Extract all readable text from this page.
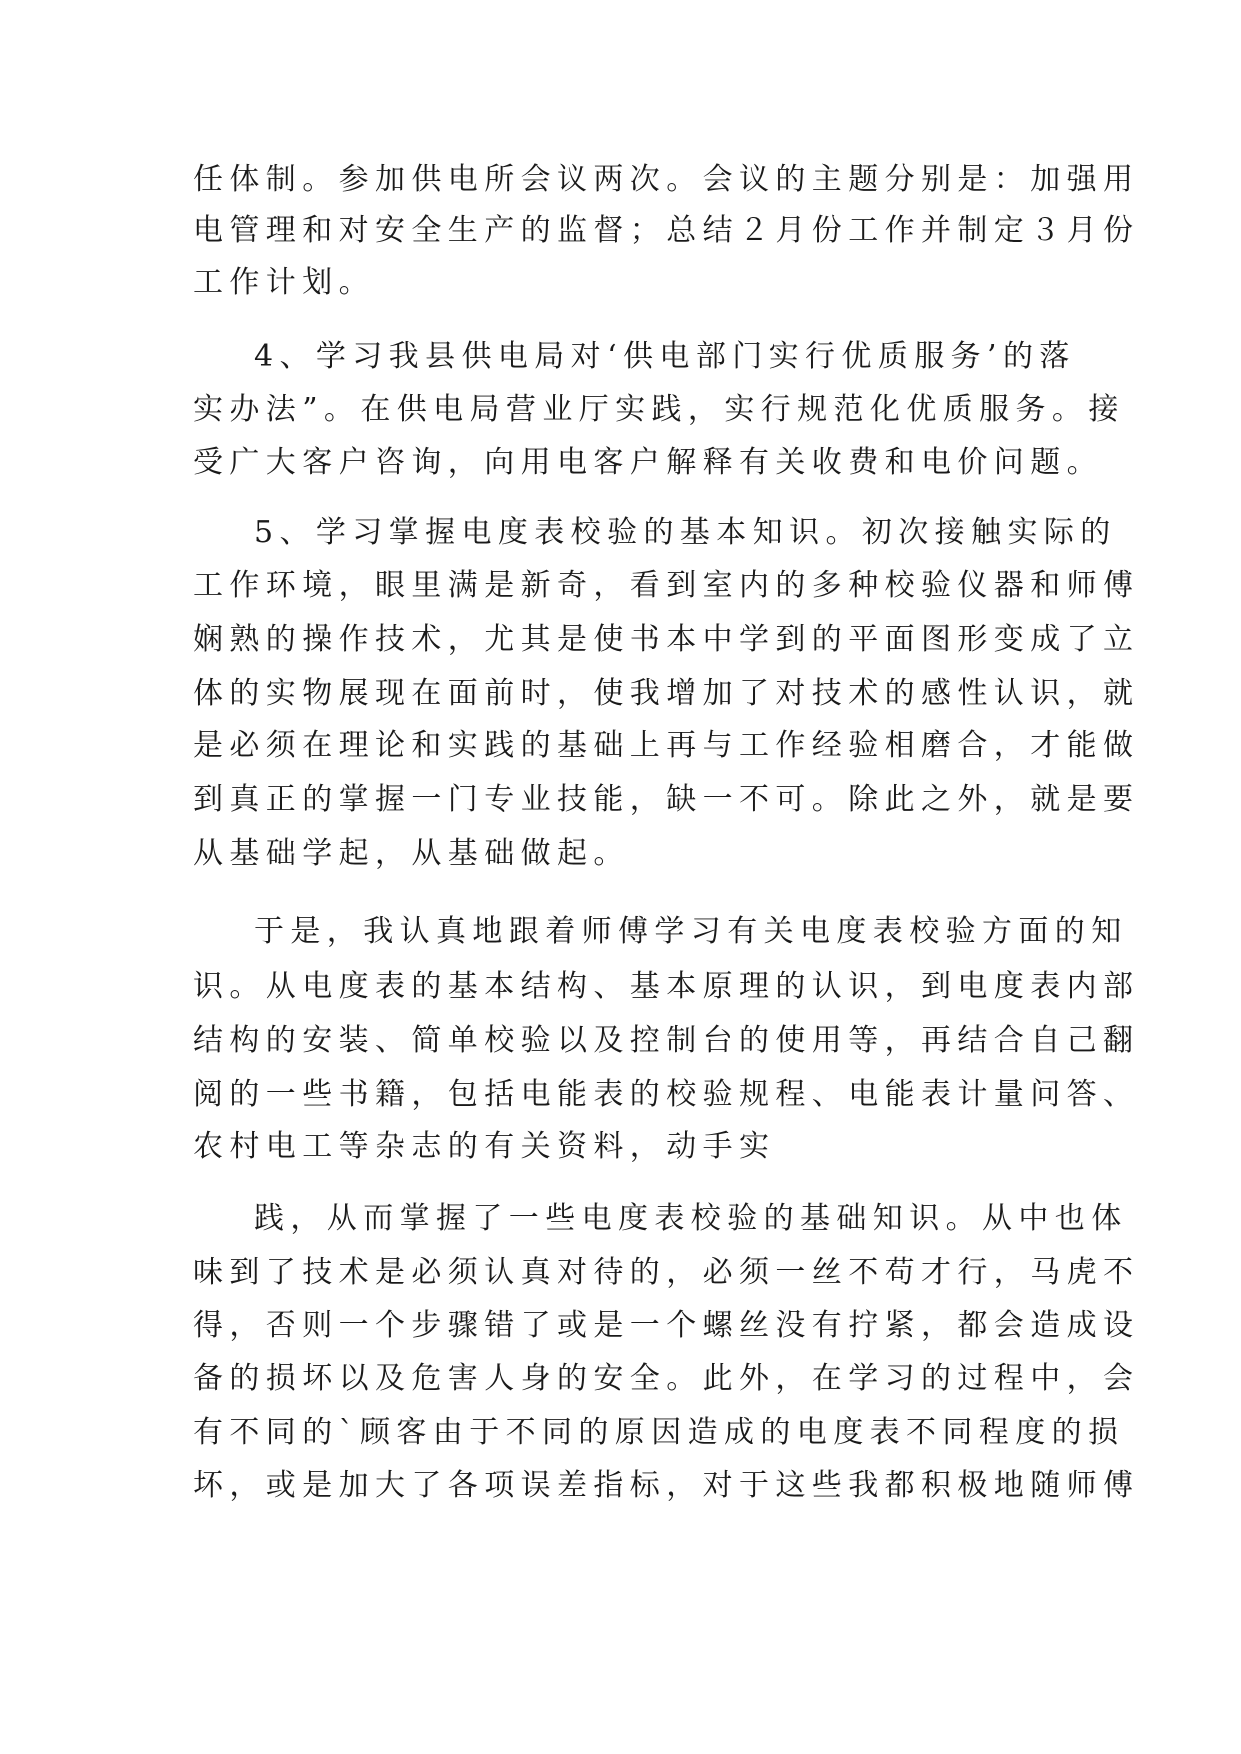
任体制。参加供电所会议两次。会议的主题分别是：加强用
电管理和对安全生产的监督；总结２月份工作并制定３月份
工作计划。
4、学习我县供电局对‘供电部门实行优质服务’的落
实办法”。在供电局营业厅实践，实行规范化优质服务。接
受广大客户咨询，向用电客户解释有关收费和电价问题。
5、学习掌握电度表校验的基本知识。初次接触实际的
工作环境，眼里满是新奇，看到室内的多种校验仪器和师傅
娴熟的操作技术，尤其是使书本中学到的平面图形变成了立
体的实物展现在面前时，使我增加了对技术的感性认识，就
是必须在理论和实践的基础上再与工作经验相磨合，才能做
到真正的掌握一门专业技能，缺一不可。除此之外，就是要
从基础学起，从基础做起。
于是，我认真地跟着师傅学习有关电度表校验方面的知
识。从电度表的基本结构、基本原理的认识，到电度表内部
结构的安装、简单校验以及控制台的使用等，再结合自己翻
阅的一些书籍，包括电能表的校验规程、电能表计量问答、
农村电工等杂志的有关资料，动手实
践，从而掌握了一些电度表校验的基础知识。从中也体
味到了技术是必须认真对待的，必须一丝不苟才行，马虎不
得，否则一个步骤错了或是一个螺丝没有拧紧，都会造成设
备的损坏以及危害人身的安全。此外，在学习的过程中，会
有不同的`顾客由于不同的原因造成的电度表不同程度的损
坏，或是加大了各项误差指标，对于这些我都积极地随师傅
